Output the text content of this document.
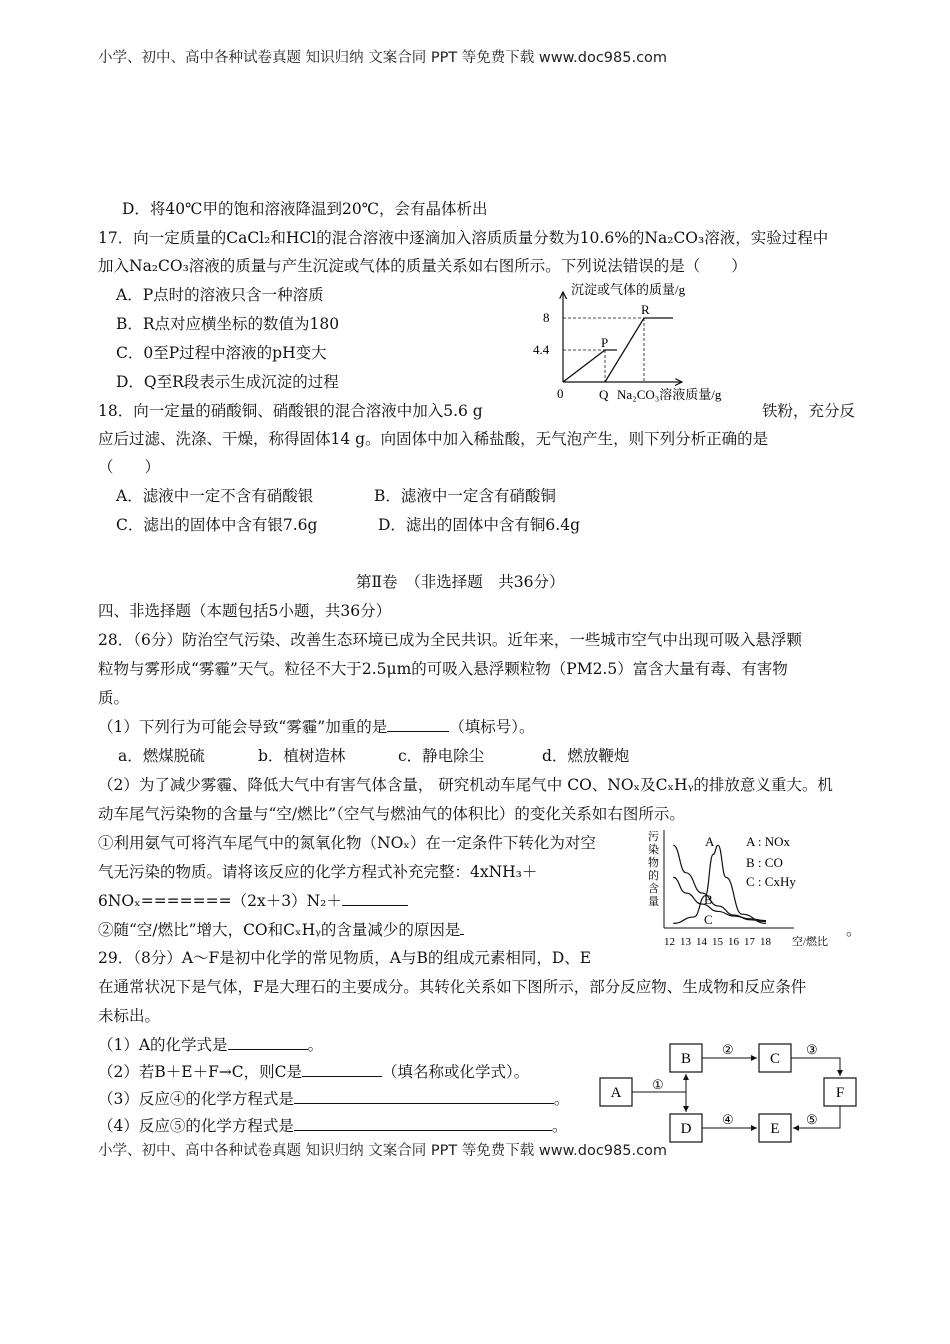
小学、初中、高中各种试卷真题 知识归纳 文案合同 PPT 等免费下载 www.doc985.com
小学、初中、高中各种试卷真题 知识归纳 文案合同 PPT 等免费下载 www.doc985.com
D．将40℃甲的饱和溶液降温到20℃，会有晶体析出
17．向一定质量的CaCl₂和HCl的混合溶液中逐滴加入溶质质量分数为10.6%的Na₂CO₃溶液，实验过程中
加入Na₂CO₃溶液的质量与产生沉淀或气体的质量关系如右图所示。下列说法错误的是（　　）
A．P点时的溶液只含一种溶质
B．R点对应横坐标的数值为180
C．0至P过程中溶液的pH变大
D．Q至R段表示生成沉淀的过程
沉淀或气体的质量/g
8
4.4
0	Q Na₂CO₃溶液质量/g
P
R
18．向一定量的硝酸铜、硝酸银的混合溶液中加入5.6 g	铁粉，充分反
应后过滤、洗涤、干燥，称得固体14 g。向固体中加入稀盐酸，无气泡产生，则下列分析正确的是
（　　）
A．滤液中一定不含有硝酸银	B．滤液中一定含有硝酸铜
C．滤出的固体中含有银7.6g	D．滤出的固体中含有铜6.4g
第Ⅱ卷　（非选择题　共36分）
四、非选择题（本题包括5小题，共36分）
28．（6分）防治空气污染、改善生态环境已成为全民共识。近年来，一些城市空气中出现可吸入悬浮颗
粒物与雾形成“雾霾”天气。粒径不大于2.5μm的可吸入悬浮颗粒物（PM2.5）富含大量有毒、有害物
质。
（1）下列行为可能会导致“雾霾”加重的是	（填标号）。
a．燃煤脱硫	b．植树造林	c．静电除尘	d．燃放鞭炮
（2）为了减少雾霾、降低大气中有害气体含量， 研究机动车尾气中 CO、NOₓ及CₓHᵧ的排放意义重大。机
动车尾气污染物的含量与“空/燃比”（空气与燃油气的体积比）的变化关系如右图所示。
①利用氨气可将汽车尾气中的氮氧化物（NOₓ）在一定条件下转化为对空
气无污染的物质。请将该反应的化学方程式补充完整：4xNH₃＋
6NOₓ=======（2x＋3）N₂＋
②随“空/燃比”增大，CO和CₓHᵧ的含量减少的原因是	。
污
染
物
的
含
量
A
B
C
A : NOx
B : CO
C : CxHy
12 13 14 15 16 17 18 空/燃比
29．（8分）A～F是初中化学的常见物质，A与B的组成元素相同，D、E
在通常状况下是气体，F是大理石的主要成分。其转化关系如下图所示，部分反应物、生成物和反应条件
未标出。
（1）A的化学式是	。
（2）若B＋E＋F→C，则C是	（填名称或化学式）。
（3）反应④的化学方程式是	。
（4）反应⑤的化学方程式是	。
A
B	C
D	E
F
①
②	③
④	⑤
